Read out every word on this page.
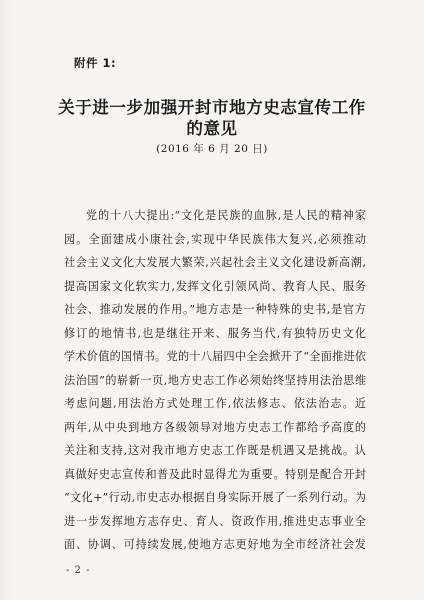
附件 1:
关于进一步加强开封市地方史志宣传工作
的意见
(2016 年 6 月 20 日)
党的十八大提出:“文化是民族的血脉,是人民的精神家
园。全面建成小康社会,实现中华民族伟大复兴,必须推动
社会主义文化大发展大繁荣,兴起社会主义文化建设新高潮,
提高国家文化软实力,发挥文化引领风尚、教育人民、服务
社会、推动发展的作用。”地方志是一种特殊的史书,是官方
修订的地情书,也是继往开来、服务当代,有独特历史文化
学术价值的国情书。党的十八届四中全会掀开了“全面推进依
法治国”的崭新一页,地方史志工作必须始终坚持用法治思维
考虑问题,用法治方式处理工作,依法修志、依法治志。近
两年,从中央到地方各级领导对地方史志工作都给予高度的
关注和支持,这对我市地方史志工作既是机遇又是挑战。认
真做好史志宣传和普及此时显得尤为重要。特别是配合开封
“文化+”行动,市史志办根据自身实际开展了一系列行动。为
进一步发挥地方志存史、育人、资政作用,推进史志事业全
面、协调、可持续发展,使地方志更好地为全市经济社会发
- 2 -
